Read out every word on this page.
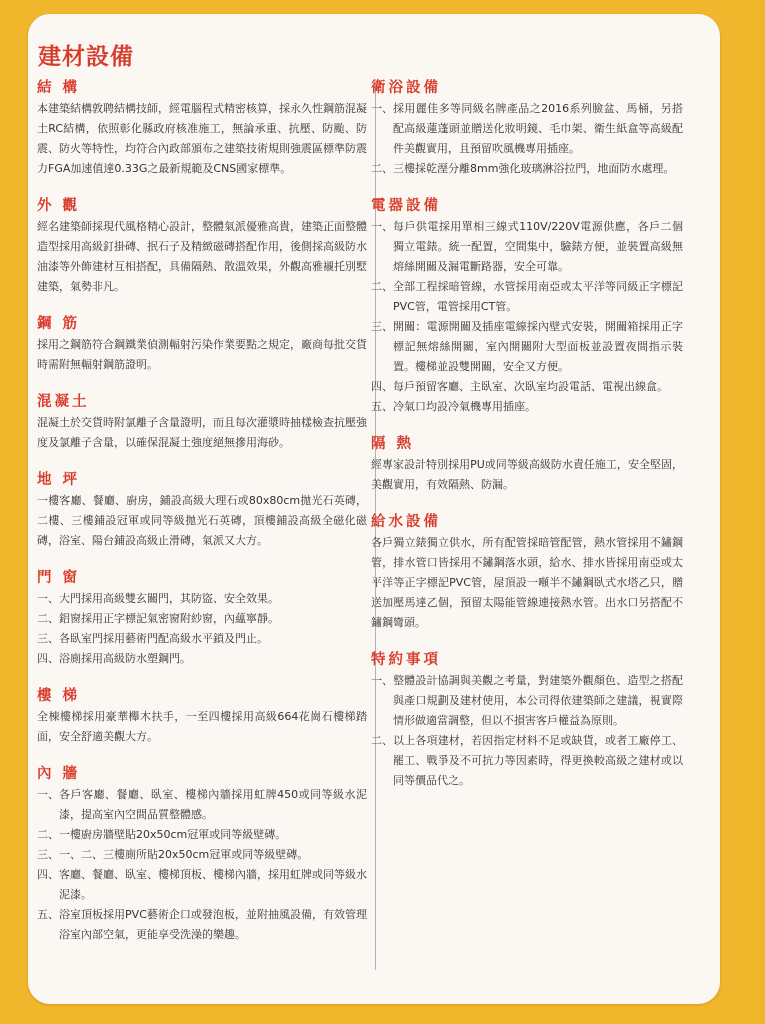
建材設備
結 構
本建築結構敦聘結構技師，經電腦程式精密核算，採永久性鋼筋混凝土RC結構，依照彰化縣政府核准施工，無論承重、抗壓、防颱、防震、防火等特性，均符合內政部頒布之建築技術規則強震區標準防震力FGA加速值達0.33G之最新規範及CNS國家標準。
外 觀
經名建築師採現代風格精心設計，整體氣派優雅高貴，建築正面整體造型採用高級釘掛磚、抿石子及精緻磁磚搭配作用，後側採高級防水油漆等外飾建材互相搭配，具備隔熱、散溫效果，外觀高雅襯托別墅建築，氣勢非凡。
鋼 筋
採用之鋼筋符合鋼鐵業偵測輻射污染作業要點之規定，廠商每批交貨時需附無輻射鋼筋證明。
混凝土
混凝土於交貨時附氯離子含量證明，而且每次灌漿時抽樣檢查抗壓強度及氯離子含量，以確保混凝土強度絕無摻用海砂。
地 坪
一樓客廳、餐廳、廚房，鋪設高級大理石或80x80cm拋光石英磚，二樓、三樓鋪設冠軍或同等級拋光石英磚，頂樓鋪設高級全磁化磁磚，浴室、陽台鋪設高級止滑磚，氣派又大方。
門 窗
一、 大門採用高級雙玄關門，其防盜、安全效果。
二、 鋁窗採用正字標記氣密窗附紗窗，內蘊寧靜。
三、 各臥室門採用藝術門配高級水平鎖及門止。
四、 浴廁採用高級防水塑鋼門。
樓 梯
全棟樓梯採用豪華櫸木扶手，一至四樓採用高級664花崗石樓梯踏面，安全舒適美觀大方。
內 牆
一、 各戶客廳、餐廳、臥室、樓梯內牆採用虹牌450或同等級水泥漆，提高室內空間品質整體感。
二、 一樓廚房牆壁貼20x50cm冠軍或同等級壁磚。
三、 一、二、三樓廁所貼20x50cm冠軍或同等級壁磚。
四、 客廳、餐廳、臥室、樓梯頂板、樓梯內牆，採用虹牌或同等級水泥漆。
五、 浴室頂板採用PVC藝術企口或發泡板，並附抽風設備，有效管理浴室內部空氣，更能享受洗澡的樂趣。
衛浴設備
一、 採用麗佳多等同級名牌產品之2016系列臉盆、馬桶，另搭配高級蓮蓬頭並贈送化妝明鏡、毛巾架、衛生紙盒等高級配件美觀實用，且預留吹風機專用插座。
二、 三樓採乾溼分離8mm強化玻璃淋浴拉門，地面防水處理。
電器設備
一、 每戶供電採用單相三線式110V/220V電源供應，各戶二個獨立電錶。統一配置，空間集中，驗錶方便，並裝置高級無熔絲開關及漏電斷路器，安全可靠。
二、 全部工程採暗管線，水管採用南亞或太平洋等同級正字標記PVC管，電管採用CT管。
三、 開關：電源開關及插座電線採內壁式安裝，開關箱採用正字標記無熔絲開關，室內開關附大型面板並設置夜間指示裝置。樓梯並設雙開關，安全又方便。
四、 每戶預留客廳、主臥室、次臥室均設電話、電視出線盒。
五、 冷氣口均設冷氣機專用插座。
隔 熱
經專家設計特別採用PU或同等級高級防水責任施工，安全堅固，美觀實用，有效隔熱、防漏。
給水設備
各戶獨立錶獨立供水，所有配管採暗管配管，熱水管採用不鏽鋼管，排水管口皆採用不鏽鋼落水頭，給水、排水皆採用南亞或太平洋等正字標記PVC管，屋頂設一噸半不鏽鋼臥式水塔乙只，贈送加壓馬達乙個，預留太陽能管線連接熱水管。出水口另搭配不鏽鋼彎頭。
特約事項
一、 整體設計協調與美觀之考量，對建築外觀顏色、造型之搭配與產口規劃及建材使用，本公司得依建築師之建議，視實際情形做適當調整，但以不損害客戶權益為原則。
二、 以上各項建材，若因指定材料不足或缺貨，或者工廠停工、罷工、戰爭及不可抗力等因素時，得更換較高級之建材或以同等價品代之。
